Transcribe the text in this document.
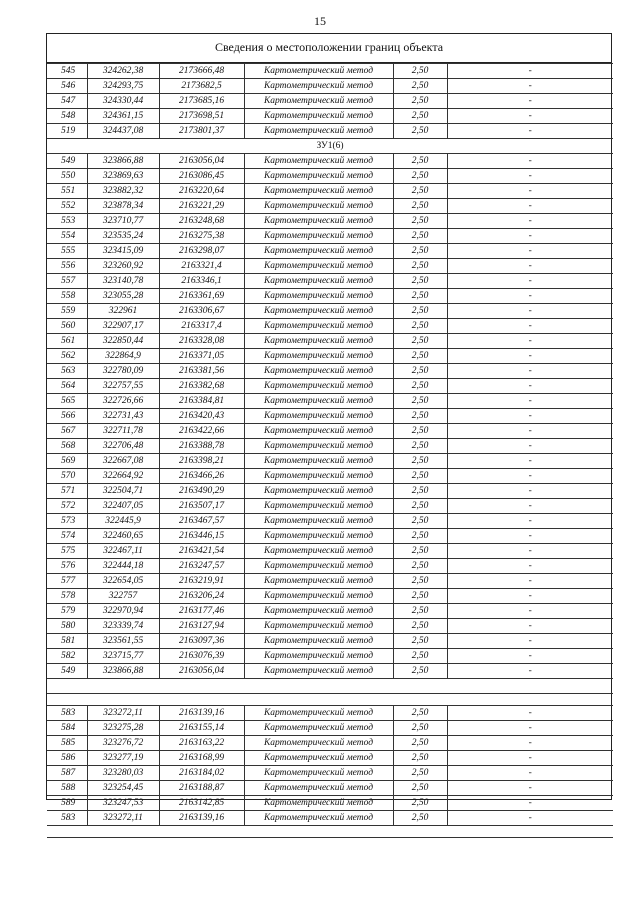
15
Сведения о местоположении границ объекта
545	324262,38	2173666,48	Картометрический метод	2,50	-
546	324293,75	2173682,5	Картометрический метод	2,50	-
547	324330,44	2173685,16	Картометрический метод	2,50	-
548	324361,15	2173698,51	Картометрический метод	2,50	-
519	324437,08	2173801,37	Картометрический метод	2,50	-
ЗУ1(6)					
549	323866,88	2163056,04	Картометрический метод	2,50	-
550	323869,63	2163086,45	Картометрический метод	2,50	-
551	323882,32	2163220,64	Картометрический метод	2,50	-
552	323878,34	2163221,29	Картометрический метод	2,50	-
553	323710,77	2163248,68	Картометрический метод	2,50	-
554	323535,24	2163275,38	Картометрический метод	2,50	-
555	323415,09	2163298,07	Картометрический метод	2,50	-
556	323260,92	2163321,4	Картометрический метод	2,50	-
557	323140,78	2163346,1	Картометрический метод	2,50	-
558	323055,28	2163361,69	Картометрический метод	2,50	-
559	322961	2163306,67	Картометрический метод	2,50	-
560	322907,17	2163317,4	Картометрический метод	2,50	-
561	322850,44	2163328,08	Картометрический метод	2,50	-
562	322864,9	2163371,05	Картометрический метод	2,50	-
563	322780,09	2163381,56	Картометрический метод	2,50	-
564	322757,55	2163382,68	Картометрический метод	2,50	-
565	322726,66	2163384,81	Картометрический метод	2,50	-
566	322731,43	2163420,43	Картометрический метод	2,50	-
567	322711,78	2163422,66	Картометрический метод	2,50	-
568	322706,48	2163388,78	Картометрический метод	2,50	-
569	322667,08	2163398,21	Картометрический метод	2,50	-
570	322664,92	2163466,26	Картометрический метод	2,50	-
571	322504,71	2163490,29	Картометрический метод	2,50	-
572	322407,05	2163507,17	Картометрический метод	2,50	-
573	322445,9	2163467,57	Картометрический метод	2,50	-
574	322460,65	2163446,15	Картометрический метод	2,50	-
575	322467,11	2163421,54	Картометрический метод	2,50	-
576	322444,18	2163247,57	Картометрический метод	2,50	-
577	322654,05	2163219,91	Картометрический метод	2,50	-
578	322757	2163206,24	Картометрический метод	2,50	-
579	322970,94	2163177,46	Картометрический метод	2,50	-
580	323339,74	2163127,94	Картометрический метод	2,50	-
581	323561,55	2163097,36	Картометрический метод	2,50	-
582	323715,77	2163076,39	Картометрический метод	2,50	-
549	323866,88	2163056,04	Картометрический метод	2,50	-

583	323272,11	2163139,16	Картометрический метод	2,50	-
584	323275,28	2163155,14	Картометрический метод	2,50	-
585	323276,72	2163163,22	Картометрический метод	2,50	-
586	323277,19	2163168,99	Картометрический метод	2,50	-
587	323280,03	2163184,02	Картометрический метод	2,50	-
588	323254,45	2163188,87	Картометрический метод	2,50	-
589	323247,53	2163142,85	Картометрический метод	2,50	-
583	323272,11	2163139,16	Картометрический метод	2,50	-
